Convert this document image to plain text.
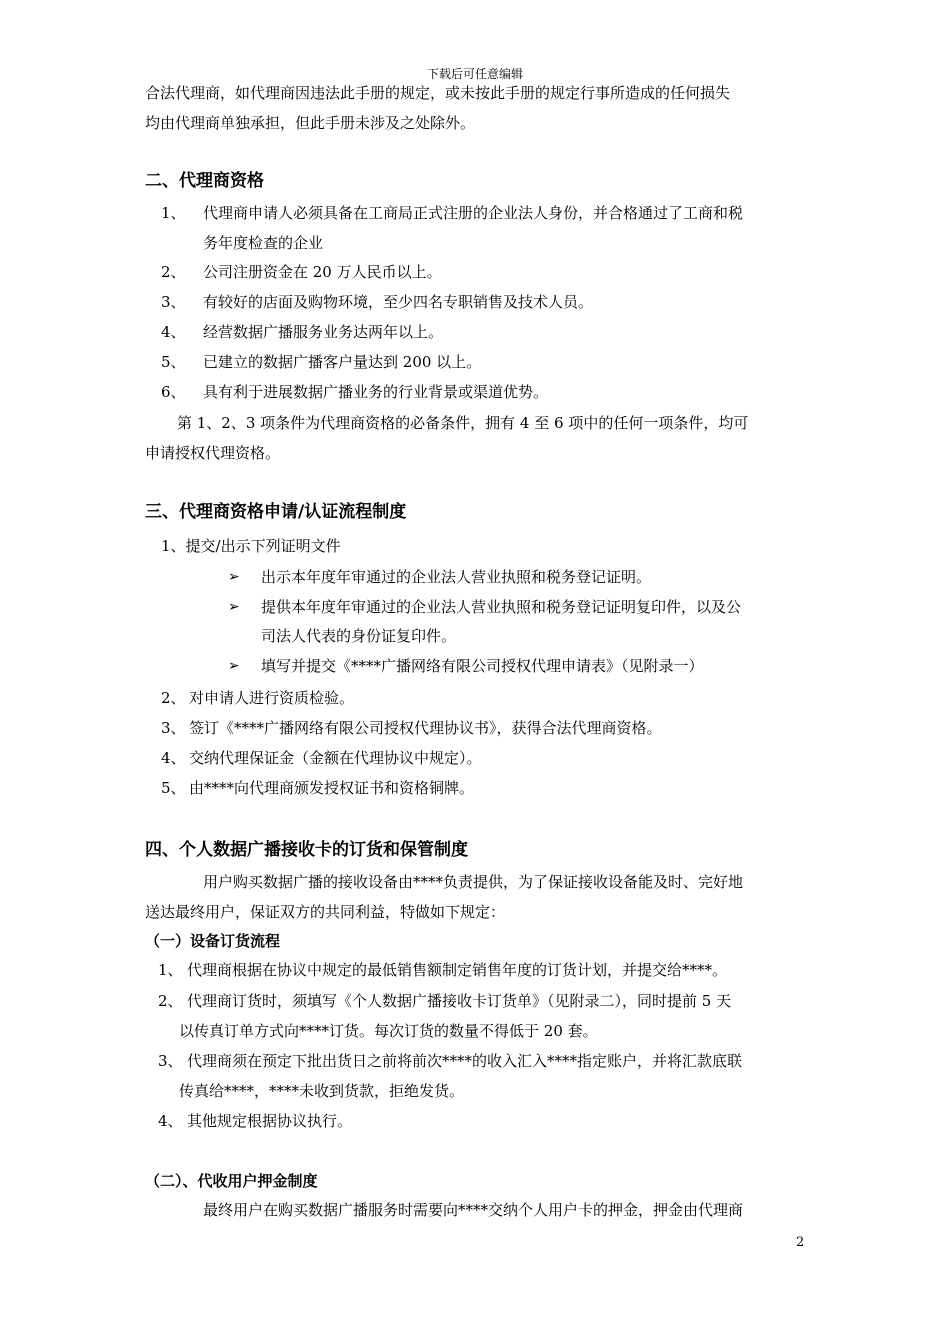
下载后可任意编辑
合法代理商，如代理商因违法此手册的规定，或未按此手册的规定行事所造成的任何损失
均由代理商单独承担，但此手册未涉及之处除外。
二、代理商资格
1、 代理商申请人必须具备在工商局正式注册的企业法人身份，并合格通过了工商和税
务年度检查的企业
2、 公司注册资金在 20 万人民币以上。
3、 有较好的店面及购物环境，至少四名专职销售及技术人员。
4、 经营数据广播服务业务达两年以上。
5、 已建立的数据广播客户量达到 200 以上。
6、 具有利于进展数据广播业务的行业背景或渠道优势。
第 1、2、3 项条件为代理商资格的必备条件，拥有 4 至 6 项中的任何一项条件，均可
申请授权代理资格。
三、代理商资格申请/认证流程制度
1、提交/出示下列证明文件
➢ 出示本年度年审通过的企业法人营业执照和税务登记证明。
➢ 提供本年度年审通过的企业法人营业执照和税务登记证明复印件，以及公
司法人代表的身份证复印件。
➢ 填写并提交《****广播网络有限公司授权代理申请表》（见附录一）
2、 对申请人进行资质检验。
3、 签订《****广播网络有限公司授权代理协议书》，获得合法代理商资格。
4、 交纳代理保证金（金额在代理协议中规定）。
5、 由****向代理商颁发授权证书和资格铜牌。
四、个人数据广播接收卡的订货和保管制度
用户购买数据广播的接收设备由****负责提供，为了保证接收设备能及时、完好地
送达最终用户，保证双方的共同利益，特做如下规定：
（一）设备订货流程
1、 代理商根据在协议中规定的最低销售额制定销售年度的订货计划，并提交给****。
2、 代理商订货时，须填写《个人数据广播接收卡订货单》（见附录二），同时提前 5 天
以传真订单方式向****订货。每次订货的数量不得低于 20 套。
3、 代理商须在预定下批出货日之前将前次****的收入汇入****指定账户，并将汇款底联
传真给****，****未收到货款，拒绝发货。
4、 其他规定根据协议执行。
（二）、代收用户押金制度
最终用户在购买数据广播服务时需要向****交纳个人用户卡的押金，押金由代理商
2
